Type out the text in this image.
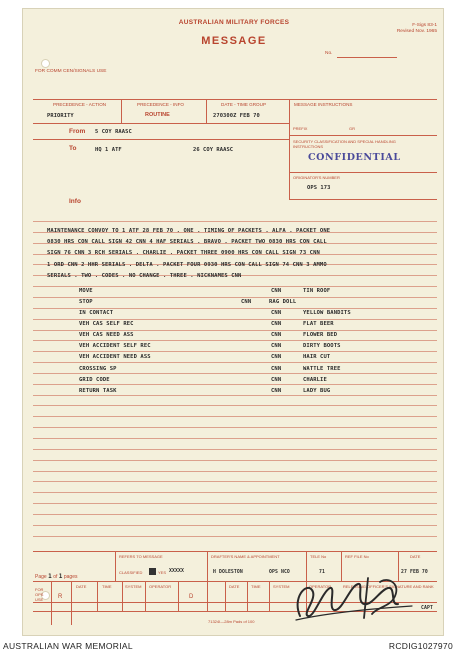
AUSTRALIAN MILITARY FORCES
MESSAGE
F-Sigs 83-1
Revised Nov. 1965
No.
FOR COMM CEN/SIGNALS USE
PRECEDENCE - ACTION	PRECEDENCE - INFO	DATE - TIME GROUP	MESSAGE INSTRUCTIONS
PRIORITY	ROUTINE	270300Z FEB 70
From 5 COY RAASC
To	HQ 1 ATF	26 COY RAASC
Info
PREFIX	GR
SECURITY CLASSIFICATION AND SPECIAL HANDLING INSTRUCTIONS
CONFIDENTIAL
ORIGINATOR'S NUMBER
OPS 173
MAINTENANCE CONVOY TO 1 ATF 28 FEB 70 . ONE . TIMING OF PACKETS . ALFA . PACKET ONE
0830 HRS CON CALL SIGN 42 CNN 4 HAF SERIALS . BRAVO . PACKET TWO 0830 HRS CON CALL
SIGN 76 CNN 3 RCH SERIALS . CHARLIE . PACKET THREE 0900 HRS CON CALL SIGN 73 CNN
1 ORD CNN 2 HHR SERIALS . DELTA . PACKET FOUR 0930 HRS CON CALL SIGN 74 CNN 3 AMMO
SERIALS . TWO . CODES . NO CHANGE . THREE . NICKNAMES CNN
MOVE	CNN	TIN ROOF
STOP	CNN	RAG DOLL
IN CONTACT	CNN	YELLOW BANDITS
VEH CAS SELF REC	CNN	FLAT BEER
VEH CAS NEED ASS	CNN	FLOWER BED
VEH ACCIDENT SELF REC	CNN	DIRTY BOOTS
VEH ACCIDENT NEED ASS	CNN	HAIR CUT
CROSSING SP	CNN	WATTLE TREE
GRID CODE	CNN	CHARLIE
RETURN TASK	CNN	LADY BUG
REFERS TO MESSAGE
CLASSIFIED	YES XXXXX
DRAFTER'S NAME & APPOINTMENT
H DOLESTON	OPS NCO
TELE No
71
REF FILE No	DATE
27 FEB 70
Page 1 of 1 pages
FOR OPS USE	R
DATE	TIME	SYSTEM OPERATOR
D
DATE	TIME	SYSTEM	OPERATOR	RELEASING OFFICER'S SIGNATURE AND RANK
CAPT
71324I—28m Pads of 100
AUSTRALIAN WAR MEMORIAL	RCDIG1027970
